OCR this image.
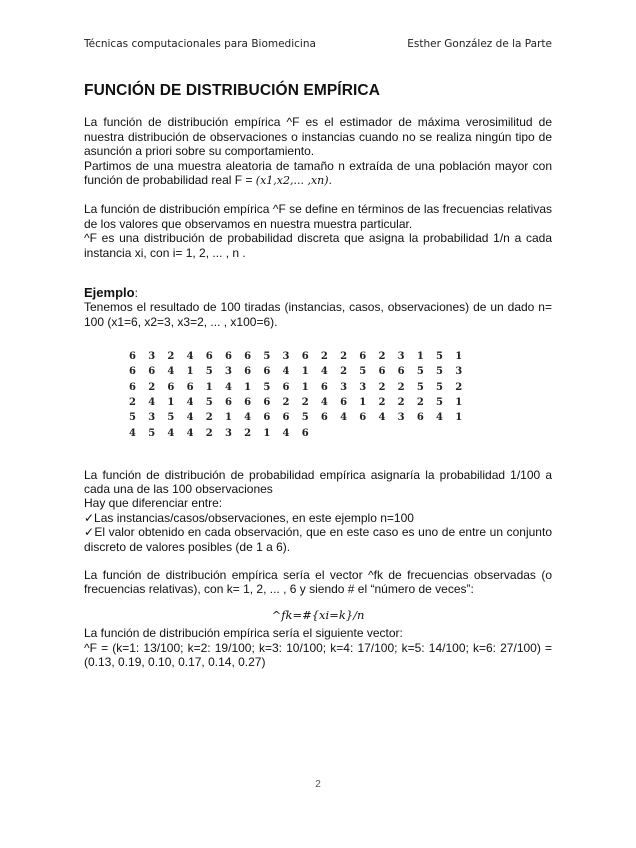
Técnicas computacionales para Biomedicina	Esther González de la Parte
FUNCIÓN DE DISTRIBUCIÓN EMPÍRICA

La función de distribución empírica ^F es el estimador de máxima verosimilitud de nuestra distribución de observaciones o instancias cuando no se realiza ningún tipo de asunción a priori sobre su comportamiento.

Partimos de una muestra aleatoria de tamaño n extraída de una población mayor con función de probabilidad real F = (x1,x2,... ,xn).

La función de distribución empírica ^F se define en términos de las frecuencias relativas de los valores que observamos en nuestra muestra particular.

^F es una distribución de probabilidad discreta que asigna la probabilidad 1/n a cada instancia xi, con i= 1, 2, ... , n .

Ejemplo:

Tenemos el resultado de 100 tiradas (instancias, casos, observaciones) de un dado n= 100 (x1=6, x2=3, x3=2, ... , x100=6).

6	3	2	4	6	6	6	5	3	6	2	2	6	2	3	1	5	1
6	6	4	1	5	3	6	6	4	1	4	2	5	6	6	5	5	3
6	2	6	6	1	4	1	5	6	1	6	3	3	2	2	5	5	2
2	4	1	4	5	6	6	6	2	2	4	6	1	2	2	2	5	1
5	3	5	4	2	1	4	6	6	5	6	4	6	4	3	6	4	1
4	5	4	4	2	3	2	1	4	6								

La función de distribución de probabilidad empírica asignaría la probabilidad 1/100 a cada una de las 100 observaciones

Hay que diferenciar entre:

✓Las instancias/casos/observaciones, en este ejemplo n=100

✓El valor obtenido en cada observación, que en este caso es uno de entre un conjunto discreto de valores posibles (de 1 a 6).

La función de distribución empírica sería el vector ^fk de frecuencias observadas (o frecuencias relativas), con k= 1, 2, ... , 6 y siendo # el “número de veces”:

^fk=#{xi=k}/n

La función de distribución empírica sería el siguiente vector:

^F = (k=1: 13/100; k=2: 19/100; k=3: 10/100; k=4: 17/100; k=5: 14/100; k=6: 27/100) = (0.13, 0.19, 0.10, 0.17, 0.14, 0.27)

2
